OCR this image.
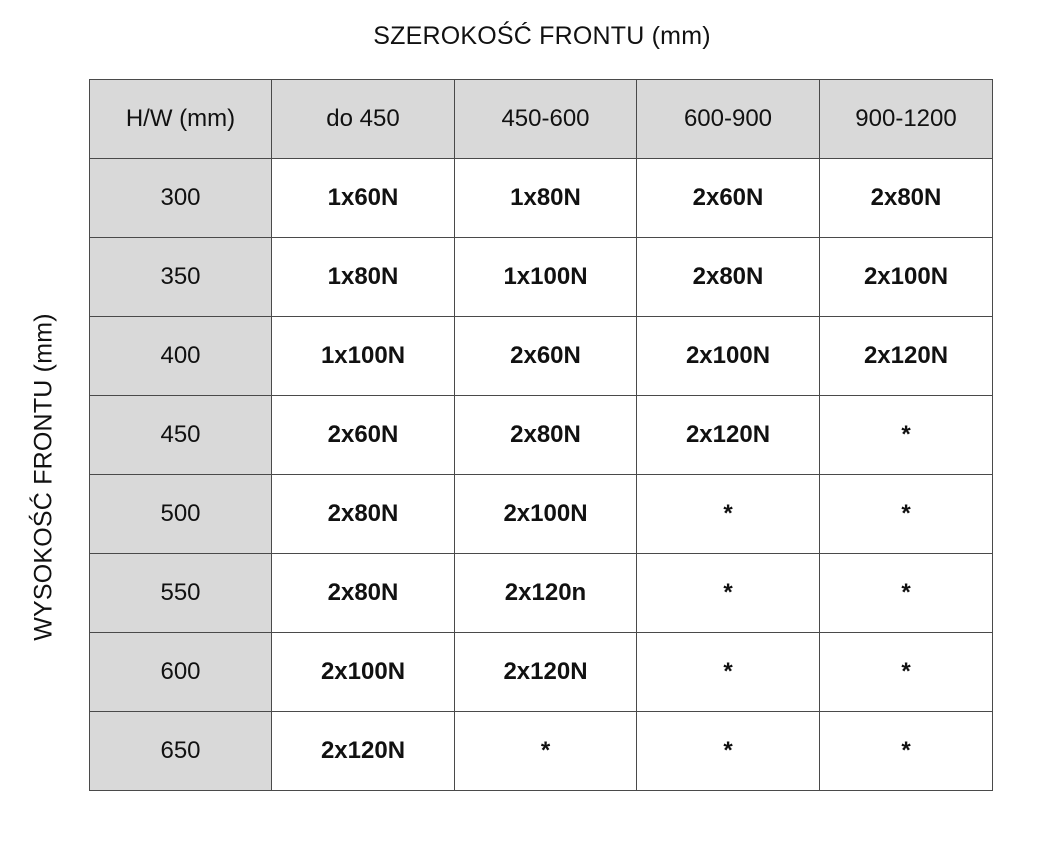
SZEROKOŚĆ FRONTU (mm)
WYSOKOŚĆ FRONTU (mm)
H/W (mm)	do 450	450-600	600-900	900-1200
300	1x60N	1x80N	2x60N	2x80N
350	1x80N	1x100N	2x80N	2x100N
400	1x100N	2x60N	2x100N	2x120N
450	2x60N	2x80N	2x120N	*
500	2x80N	2x100N	*	*
550	2x80N	2x120n	*	*
600	2x100N	2x120N	*	*
650	2x120N	*	*	*
